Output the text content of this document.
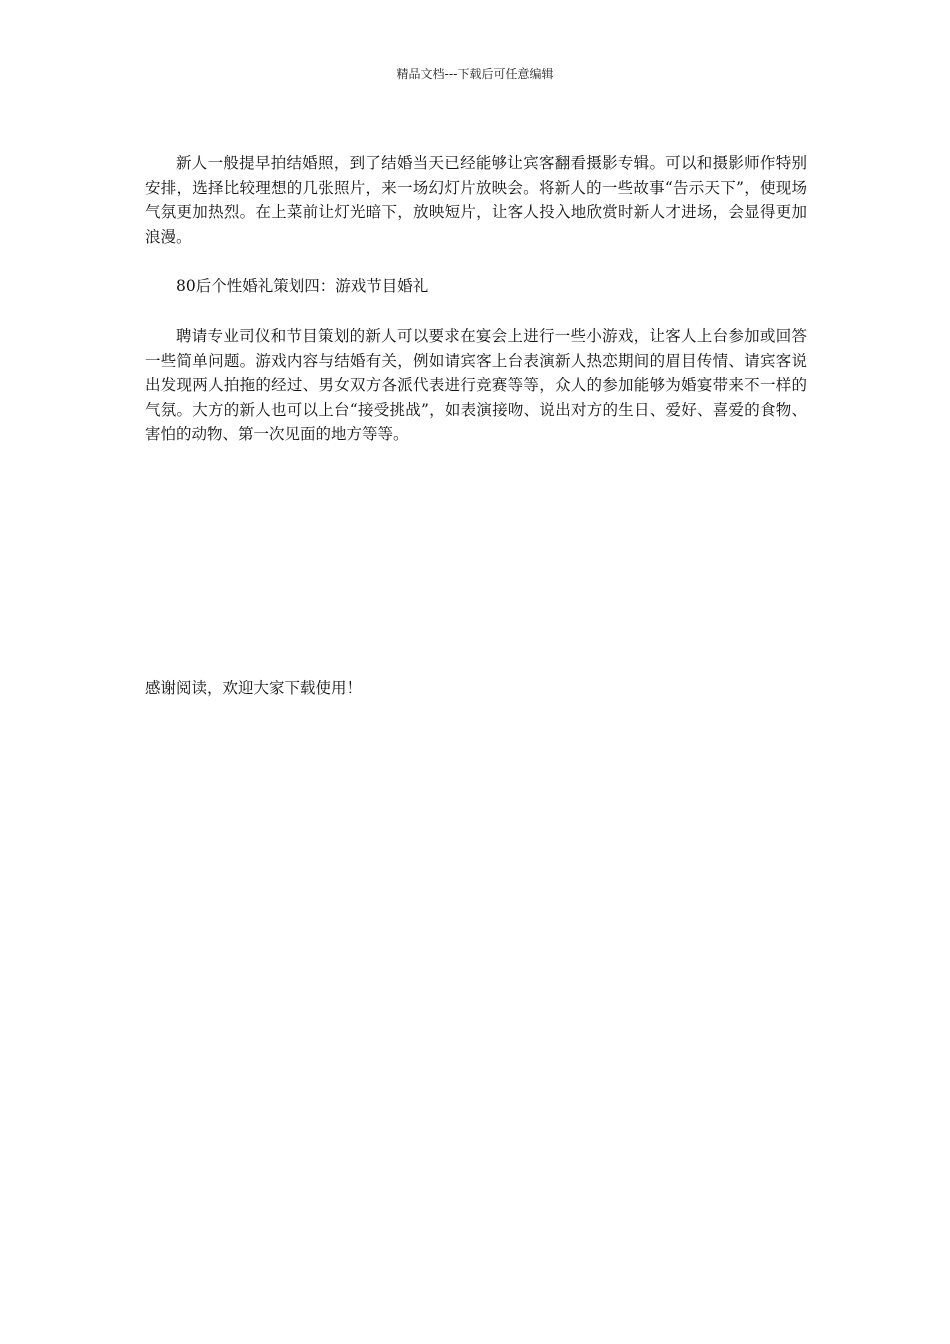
精品文档---下载后可任意编辑

新人一般提早拍结婚照，到了结婚当天已经能够让宾客翻看摄影专辑。可以和摄影师作特别安排，选择比较理想的几张照片，来一场幻灯片放映会。将新人的一些故事“告示天下”，使现场气氛更加热烈。在上菜前让灯光暗下，放映短片，让客人投入地欣赏时新人才进场，会显得更加浪漫。

80后个性婚礼策划四：游戏节目婚礼

聘请专业司仪和节目策划的新人可以要求在宴会上进行一些小游戏，让客人上台参加或回答一些简单问题。游戏内容与结婚有关，例如请宾客上台表演新人热恋期间的眉目传情、请宾客说出发现两人拍拖的经过、男女双方各派代表进行竞赛等等，众人的参加能够为婚宴带来不一样的气氛。大方的新人也可以上台“接受挑战”，如表演接吻、说出对方的生日、爱好、喜爱的食物、害怕的动物、第一次见面的地方等等。

感谢阅读，欢迎大家下载使用！
